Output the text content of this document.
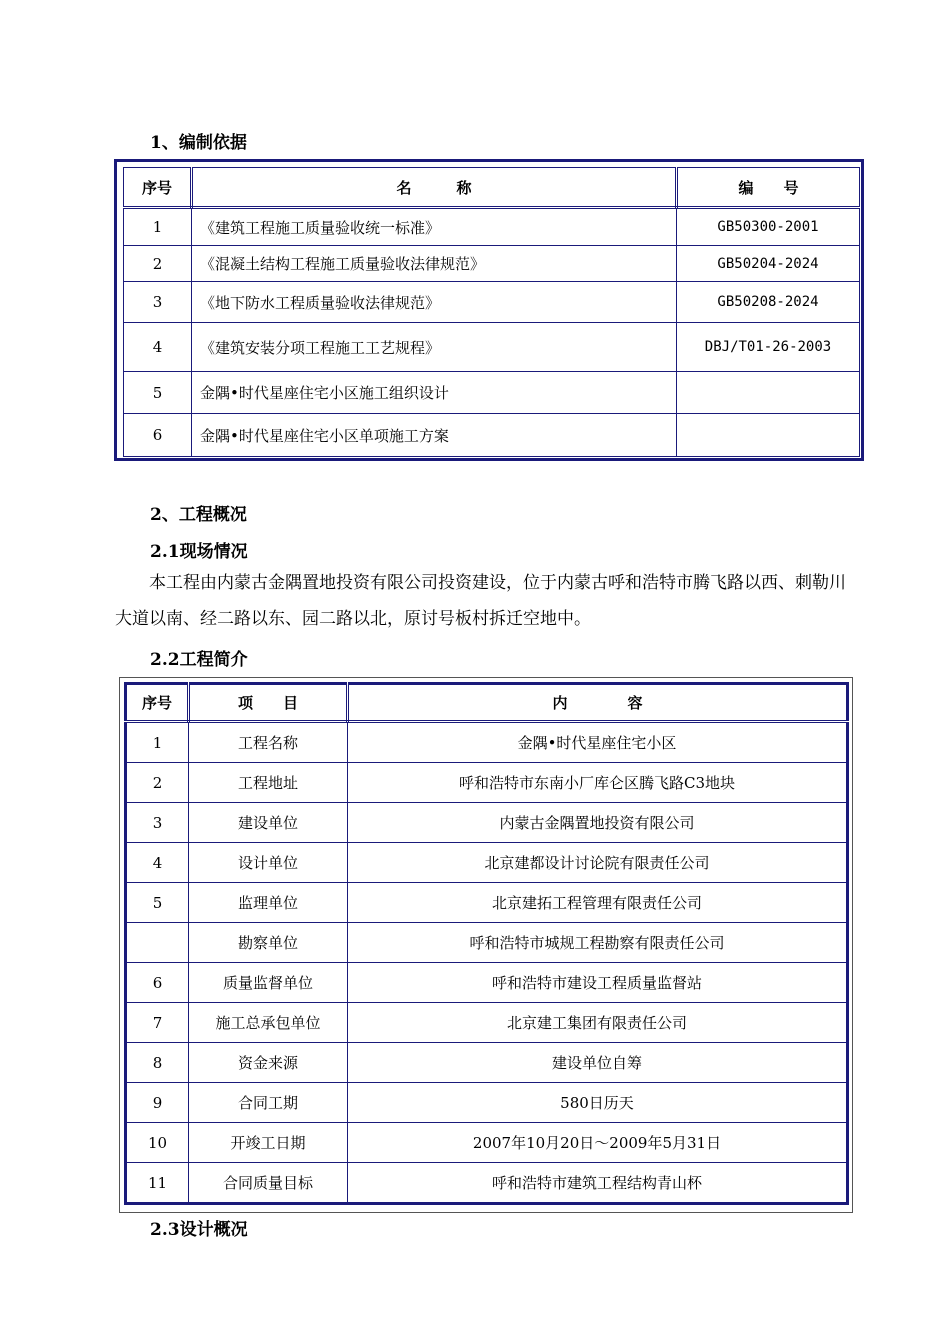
1、编制依据
序号	名　　　称	编　　号
1	《建筑工程施工质量验收统一标准》	GB50300-2001
2	《混凝土结构工程施工质量验收法律规范》	GB50204-2024
3	《地下防水工程质量验收法律规范》	GB50208-2024
4	《建筑安装分项工程施工工艺规程》	DBJ/T01-26-2003
5	金隅•时代星座住宅小区施工组织设计	
6	金隅•时代星座住宅小区单项施工方案	
2、工程概况
2.1现场情况
本工程由内蒙古金隅置地投资有限公司投资建设，位于内蒙古呼和浩特市腾飞路以西、刺勒川大道以南、经二路以东、园二路以北，原讨号板村拆迁空地中。
2.2工程简介
序号	项　　目	内　　　　容
1	工程名称	金隅•时代星座住宅小区
2	工程地址	呼和浩特市东南小厂库仑区腾飞路C3地块
3	建设单位	内蒙古金隅置地投资有限公司
4	设计单位	北京建都设计讨论院有限责任公司
5	监理单位	北京建拓工程管理有限责任公司
	勘察单位	呼和浩特市城规工程勘察有限责任公司
6	质量监督单位	呼和浩特市建设工程质量监督站
7	施工总承包单位	北京建工集团有限责任公司
8	资金来源	建设单位自筹
9	合同工期	580日历天
10	开竣工日期	2007年10月20日～2009年5月31日
11	合同质量目标	呼和浩特市建筑工程结构青山杯
2.3设计概况
